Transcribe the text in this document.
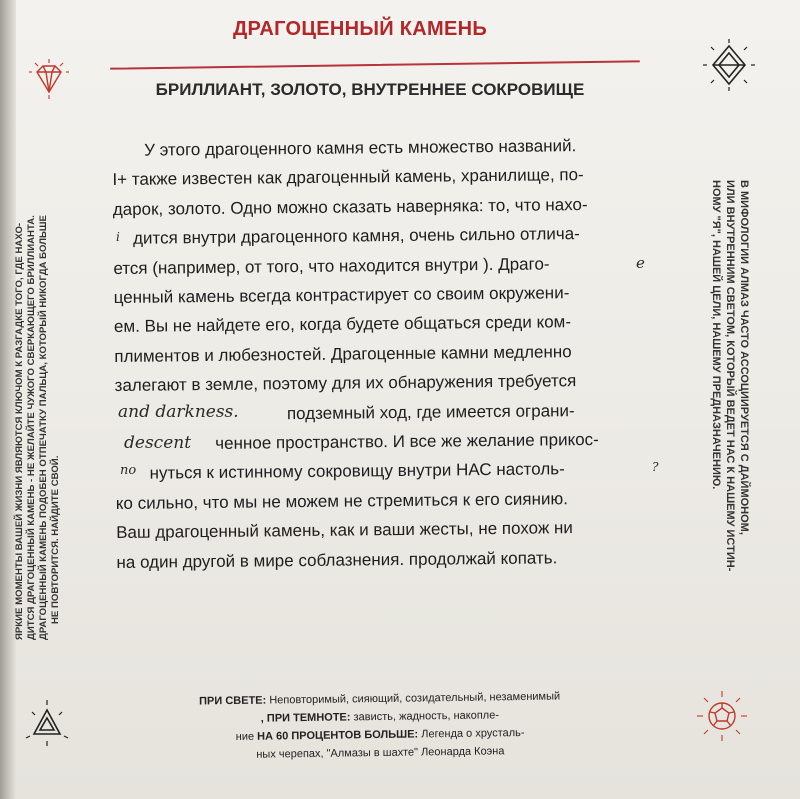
ДРАГОЦЕННЫЙ КАМЕНЬ
БРИЛЛИАНТ, ЗОЛОТО, ВНУТРЕННЕЕ СОКРОВИЩЕ
У этого драгоценного камня есть множество названий.
I+ также известен как драгоценный камень, хранилище, по-
дарок, золото. Одно можно сказать наверняка: то, что нахо-
дится внутри драгоценного камня, очень сильно отлича-
ется (например, от того, что находится внутри ). Драго-
ценный камень всегда контрастирует со своим окружени-
ем. Вы не найдете его, когда будете общаться среди ком-
плиментов и любезностей. Драгоценные камни медленно
залегают в земле, поэтому для их обнаружения требуется
подземный ход, где имеется ограни-
ченное пространство. И все же желание прикос-
нуться к истинному сокровищу внутри НАС настоль-
ко сильно, что мы не можем не стремиться к его сиянию.
Ваш драгоценный камень, как и ваши жесты, не похож ни
на один другой в мире соблазнения. продолжай копать.
and darkness.
descent
no
e
?
i
ЯРКИЕ МОМЕНТЫ ВАШЕЙ ЖИЗНИ ЯВЛЯЮТСЯ КЛЮЧОМ К РАЗГАДКЕ ТОГО, ГДЕ НАХО- ДИТСЯ ДРАГОЦЕННЫЙ КАМЕНЬ - НЕ ЖЕЛАЙТЕ ЧУЖОГО СВЕРКАЮЩЕГО БРИЛЛИАНТА. ДРАГОЦЕННЫЙ КАМЕНЬ ПОДОБЕН ОТПЕЧАТКУ ПАЛЬЦА, КОТОРЫЙ НИКОГДА БОЛЬШЕ НЕ ПОВТОРИТСЯ. НАЙДИТЕ СВОЙ.
В МИФОЛОГИИ АЛМАЗ ЧАСТО АССОЦИИРУЕТСЯ С ДАЙМОНОМ,
ИЛИ ВНУТРЕННИМ СВЕТОМ, КОТОРЫЙ ВЕДЕТ НАС К НАШЕМУ ИСТИН-
НОМУ "Я", НАШЕЙ ЦЕЛИ, НАШЕМУ ПРЕДНАЗНАЧЕНИЮ.
ПРИ СВЕТЕ: Неповторимый, сияющий, созидательный, незаменимый
, ПРИ ТЕМНОТЕ: зависть, жадность, накопле-
ние НА 60 ПРОЦЕНТОВ БОЛЬШЕ: Легенда о хрусталь-
ных черепах, "Алмазы в шахте" Леонарда Коэна
